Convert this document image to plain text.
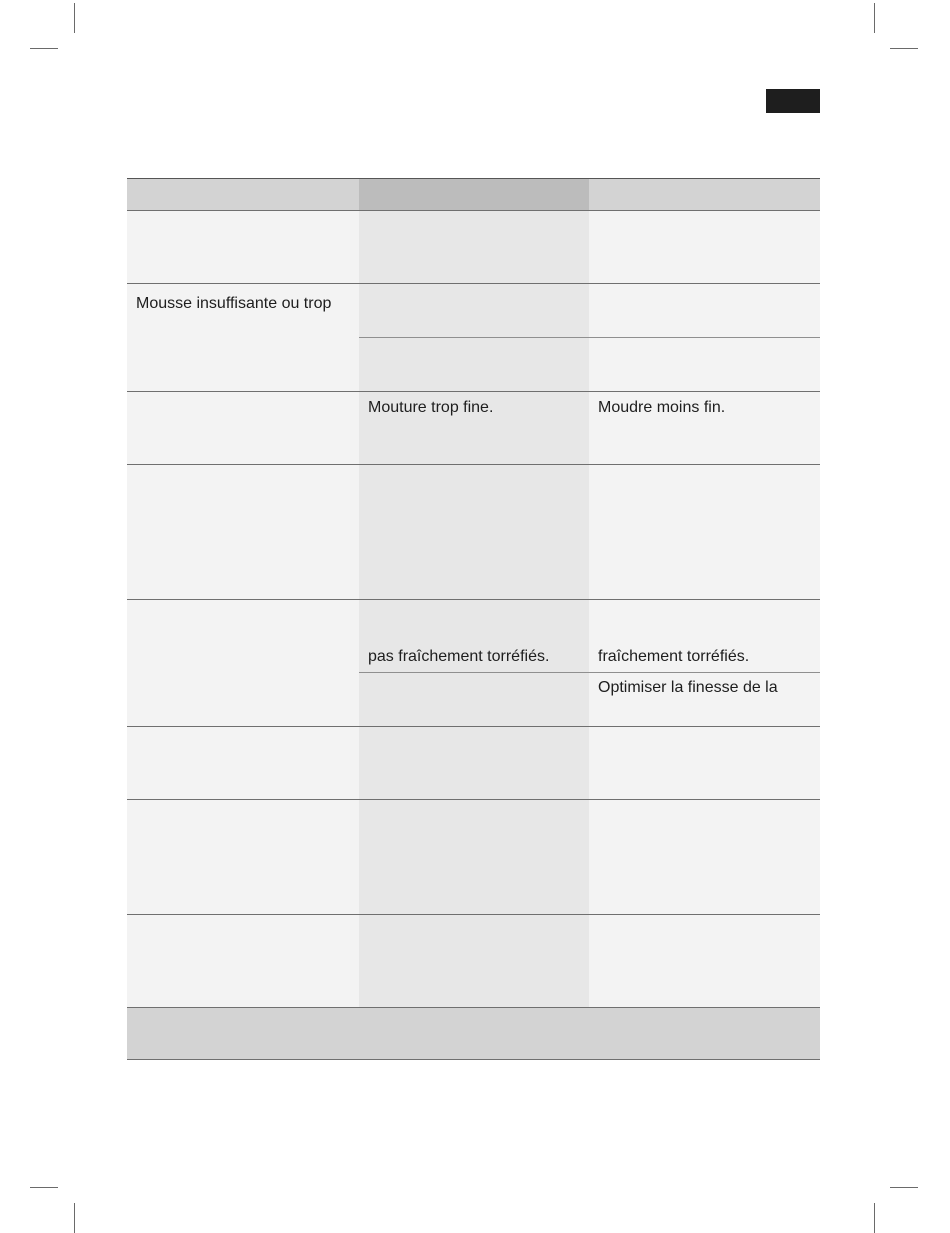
Mousse insuffisante ou trop
Mouture trop fine.	Moudre moins fin.
pas fraîchement torréfiés.	fraîchement torréfiés.
Optimiser la finesse de la
